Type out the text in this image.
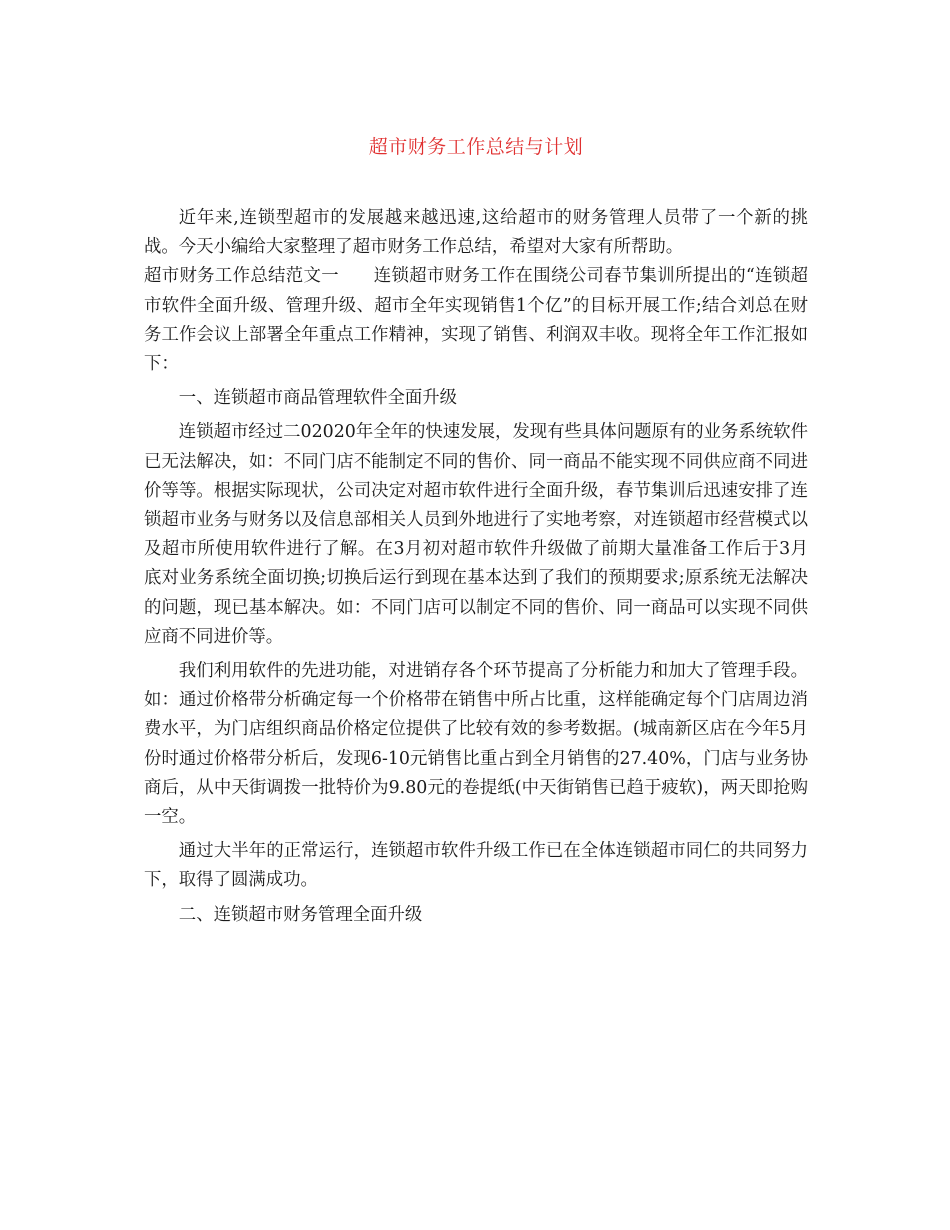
超市财务工作总结与计划

近年来,连锁型超市的发展越来越迅速,这给超市的财务管理人员带了一个新的挑战。今天小编给大家整理了超市财务工作总结，希望对大家有所帮助。

超市财务工作总结范文一 连锁超市财务工作在围绕公司春节集训所提出的“连锁超市软件全面升级、管理升级、超市全年实现销售1个亿”的目标开展工作;结合刘总在财务工作会议上部署全年重点工作精神，实现了销售、利润双丰收。现将全年工作汇报如下：

一、连锁超市商品管理软件全面升级

连锁超市经过二02020年全年的快速发展，发现有些具体问题原有的业务系统软件已无法解决，如：不同门店不能制定不同的售价、同一商品不能实现不同供应商不同进价等等。根据实际现状，公司决定对超市软件进行全面升级，春节集训后迅速安排了连锁超市业务与财务以及信息部相关人员到外地进行了实地考察，对连锁超市经营模式以及超市所使用软件进行了解。在3月初对超市软件升级做了前期大量准备工作后于3月底对业务系统全面切换;切换后运行到现在基本达到了我们的预期要求;原系统无法解决的问题，现已基本解决。如：不同门店可以制定不同的售价、同一商品可以实现不同供应商不同进价等。

我们利用软件的先进功能，对进销存各个环节提高了分析能力和加大了管理手段。如：通过价格带分析确定每一个价格带在销售中所占比重，这样能确定每个门店周边消费水平，为门店组织商品价格定位提供了比较有效的参考数据。(城南新区店在今年5月份时通过价格带分析后，发现6-10元销售比重占到全月销售的27.40%，门店与业务协商后，从中天街调拨一批特价为9.80元的卷提纸(中天街销售已趋于疲软)，两天即抢购一空。

通过大半年的正常运行，连锁超市软件升级工作已在全体连锁超市同仁的共同努力下，取得了圆满成功。

二、连锁超市财务管理全面升级
